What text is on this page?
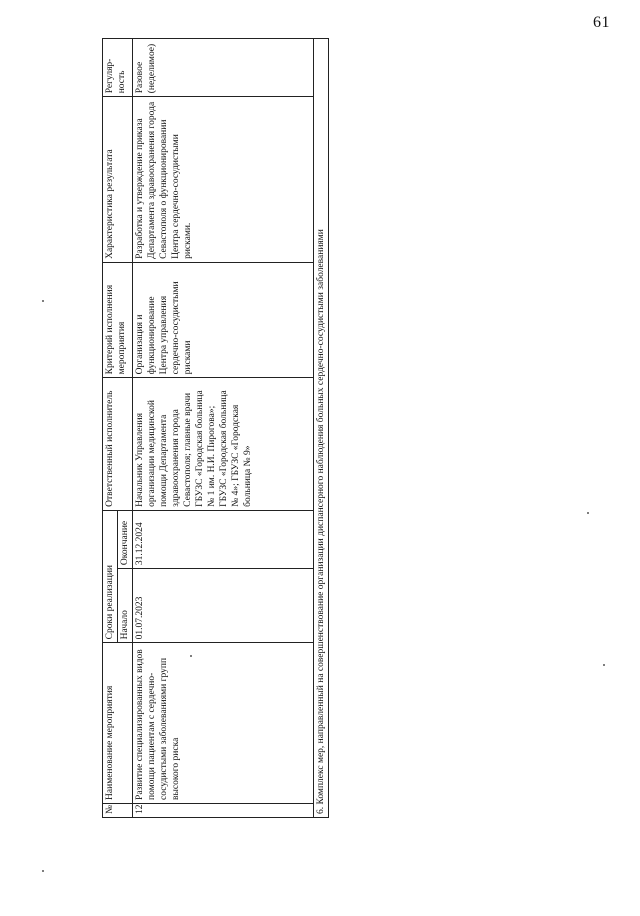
61
№	Наименование мероприятия	Сроки реализации		Ответственный исполнитель	Критерий исполнения мероприятия	Характеристика результата	Регуляр-ность
		Начало	Окончание				
12	Развитие специализированных видов помощи пациентам с сердечно-сосудистыми заболеваниями групп высокого риска	01.07.2023	31.12.2024	Начальник Управления организации медицинской помощи Департамента здравоохранения города Севастополя; главные врачи ГБУЗС «Городская больница № 1 им. Н.И. Пирогова»; ГБУЗС «Городская больница № 4»; ГБУЗС «Городская больница № 9»	Организация и функционирование Центра управления сердечно-сосудистыми рисками	Разработка и утверждение приказа Департамента здравоохранения города Севастополя о функционировании Центра сердечно-сосудистыми рисками.	Разовое (неделимое)
6. Комплекс мер, направленный на совершенствование организации диспансерного наблюдения больных сердечно-сосудистыми заболеваниями							
